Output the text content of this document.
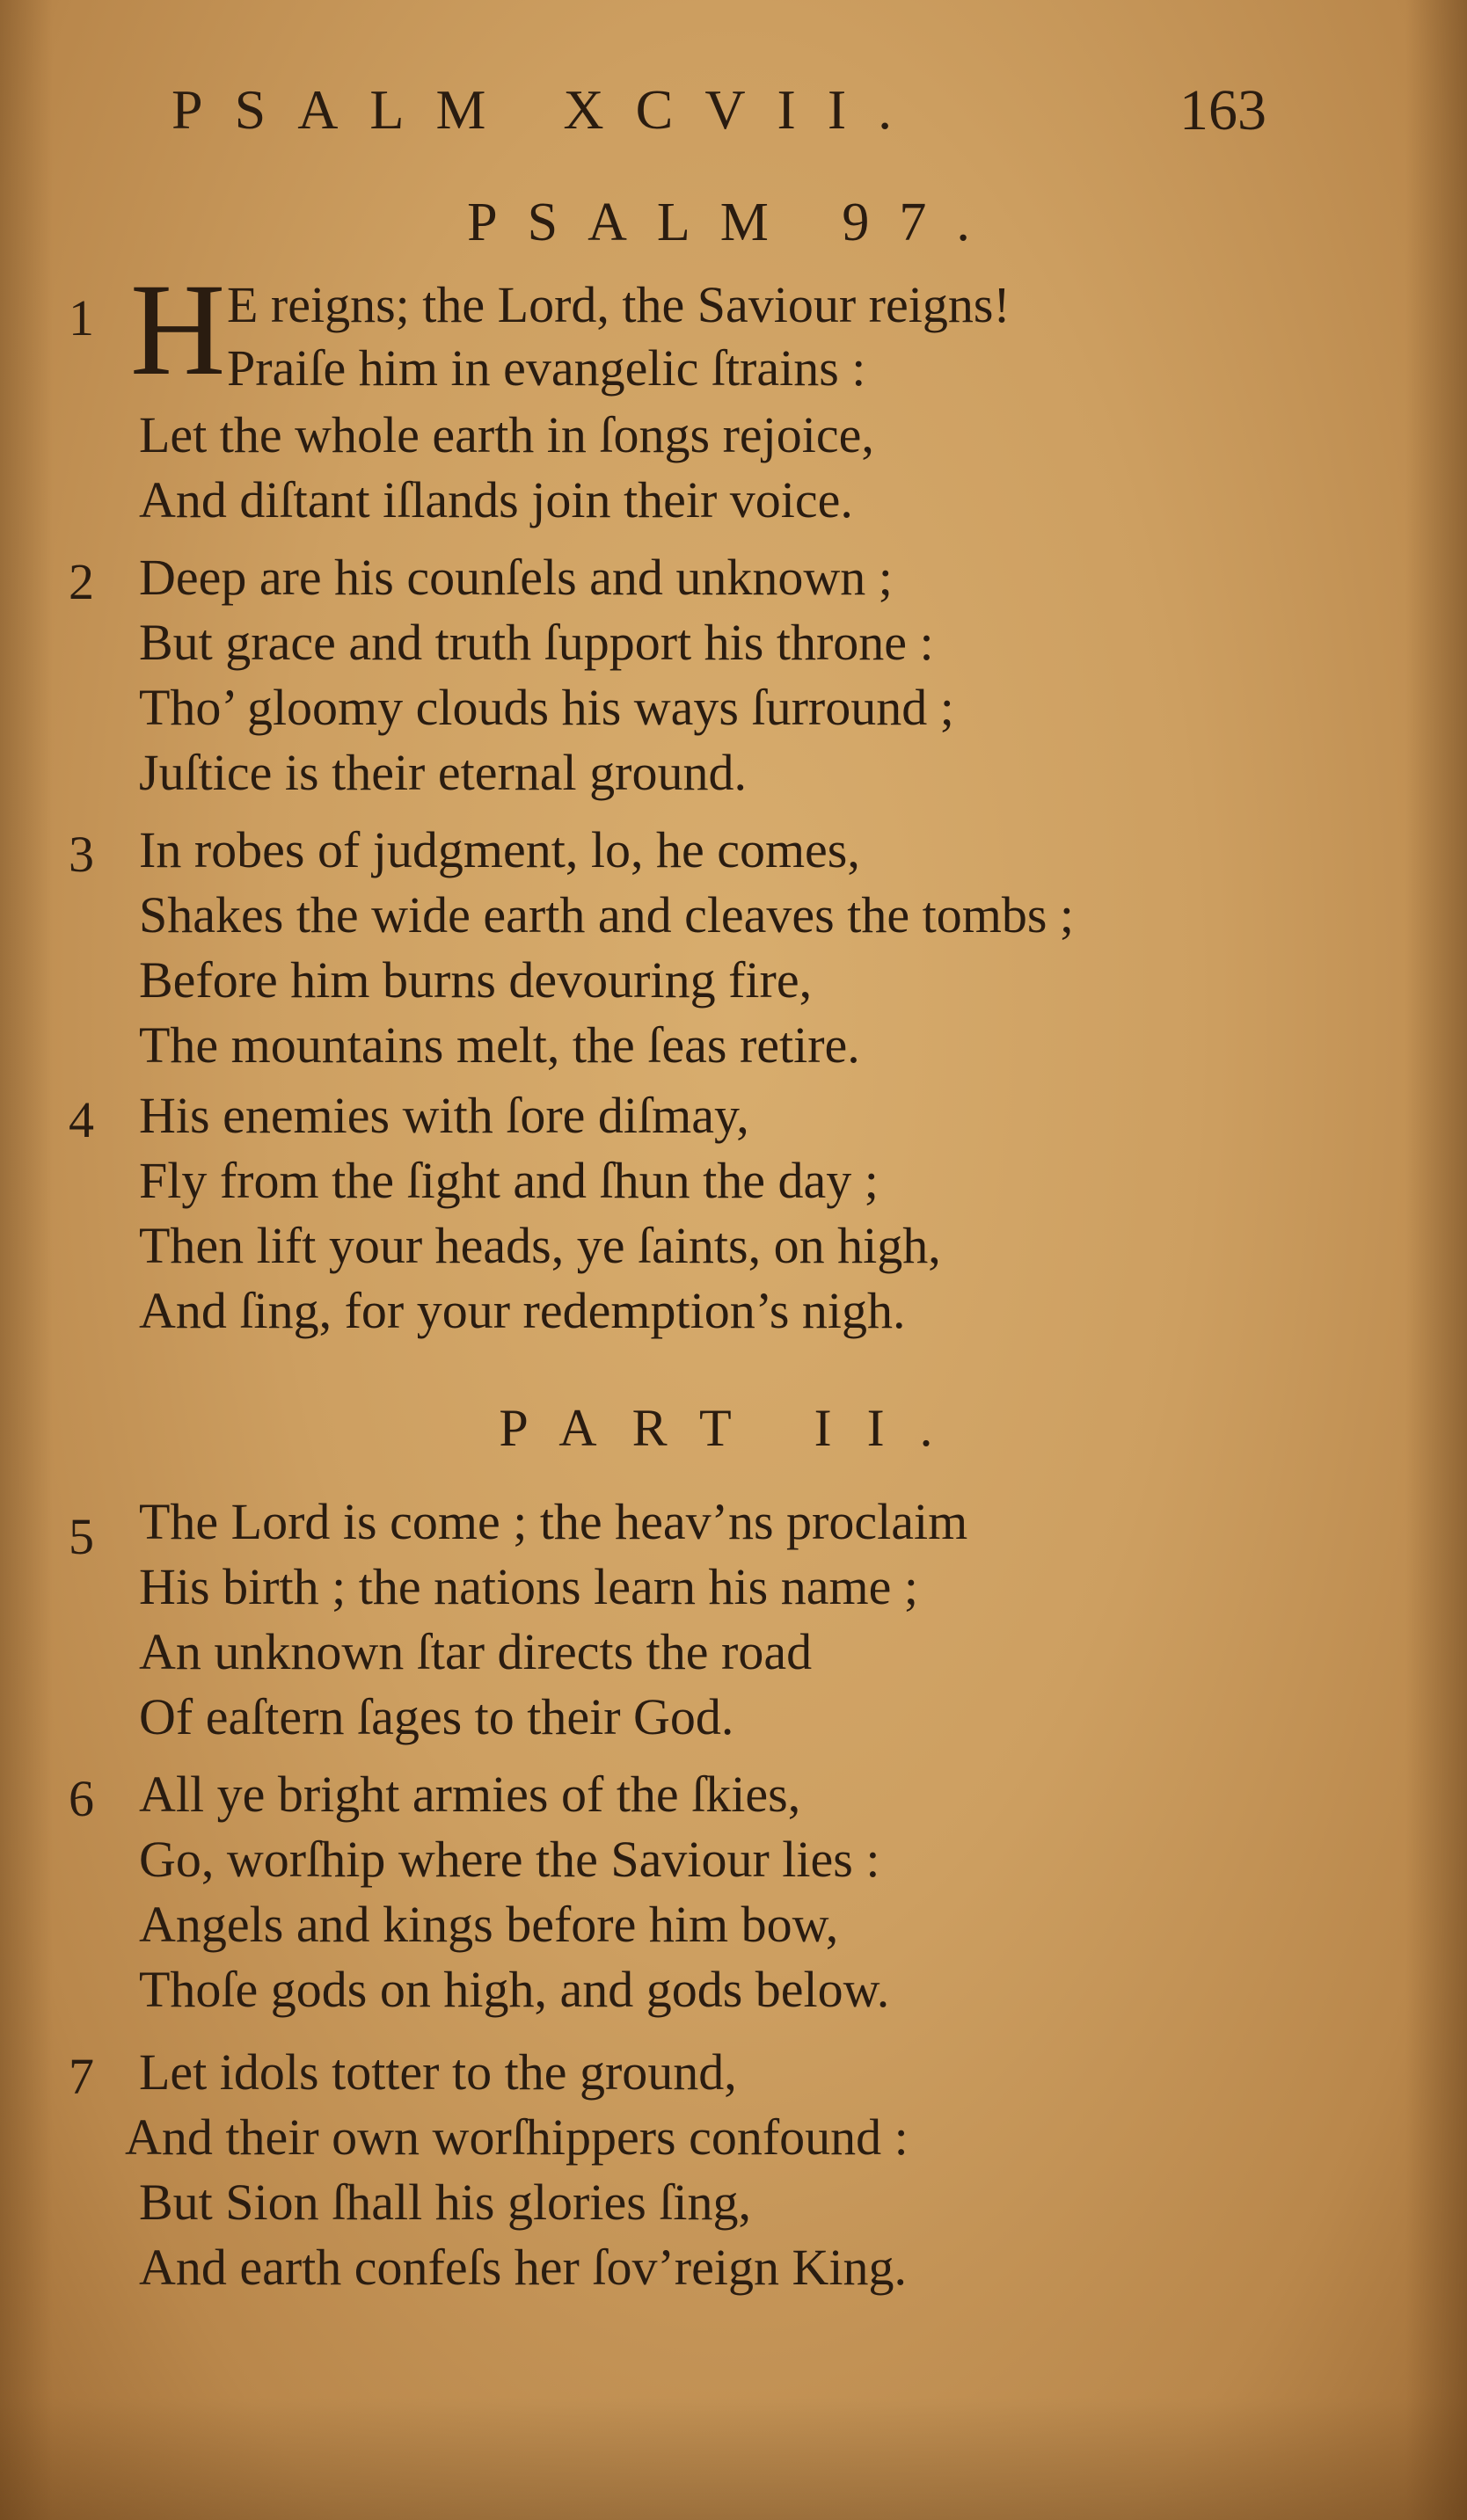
PSALM XCVII.	163
PSALM 97.
H
1	E reigns; the Lord, the Saviour reigns!
Praiſe him in evangelic ſtrains :
Let the whole earth in ſongs rejoice,
And diſtant iſlands join their voice.
2 Deep are his counſels and unknown ;
But grace and truth ſupport his throne :
Tho’ gloomy clouds his ways ſurround ;
Juſtice is their eternal ground.
3 In robes of judgment, lo, he comes,
Shakes the wide earth and cleaves the tombs ;
Before him burns devouring fire,
The mountains melt, the ſeas retire.
4 His enemies with ſore diſmay,
Fly from the ſight and ſhun the day ;
Then lift your heads, ye ſaints, on high,
And ſing, for your redemption’s nigh.
PART II.
5 The Lord is come ; the heav’ns proclaim
His birth ; the nations learn his name ;
An unknown ſtar directs the road
Of eaſtern ſages to their God.
6 All ye bright armies of the ſkies,
Go, worſhip where the Saviour lies :
Angels and kings before him bow,
Thoſe gods on high, and gods below.
7 Let idols totter to the ground,
And their own worſhippers confound :
But Sion ſhall his glories ſing,
And earth confeſs her ſov’reign King.
